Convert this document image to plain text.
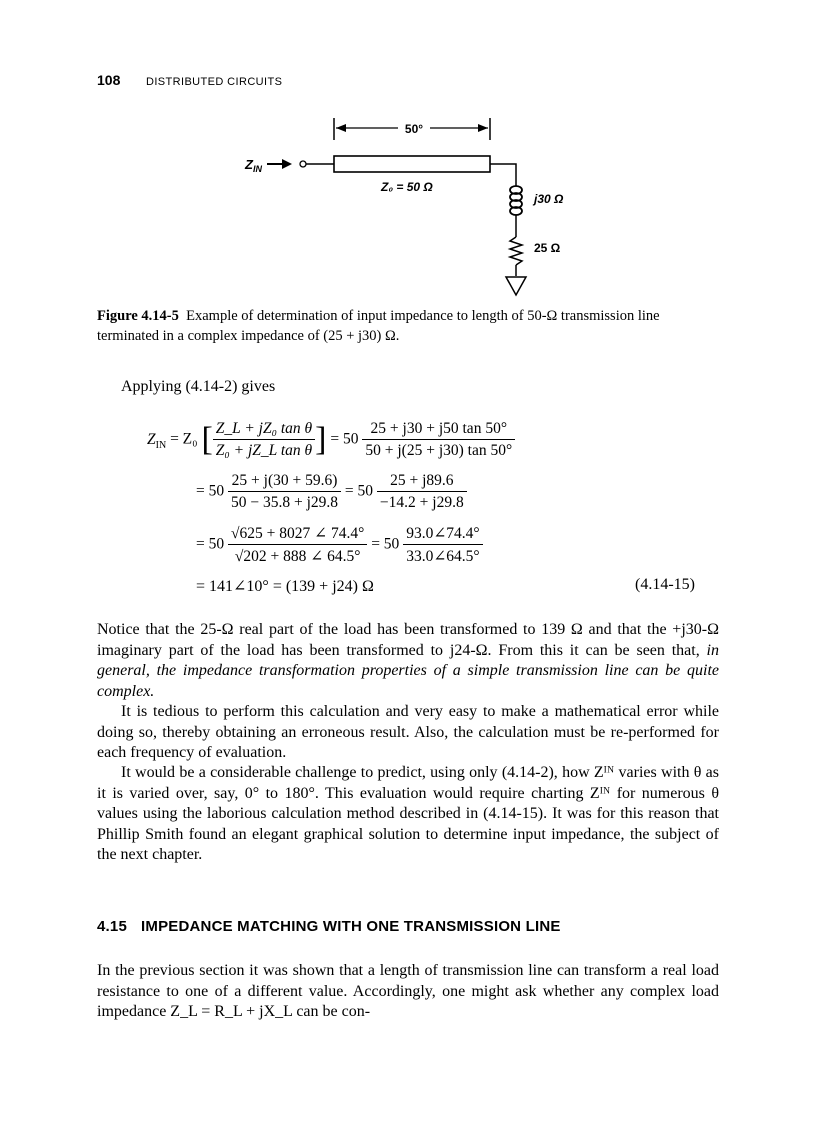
108 DISTRIBUTED CIRCUITS
50°
$Z_{IN}$
Z₀ = 50 Ω
j30 Ω
25 Ω
Figure 4.14-5 Example of determination of input impedance to length of 50-Ω transmission line terminated in a complex impedance of (25 + j30) Ω.
Applying (4.14-2) gives
$Z_{IN} = Z_0$ [ $\frac{\text{Z\_L + jZ₀ tan θ}}{\text{Z₀ + jZ\_L tan θ}}$ ] = $50 \frac{25 + j30 + j50 \tan 50^\circ}{50 + j(25 + j30) \tan 50^\circ}$
= $50 \frac{25 + j(30 + 59.6)}{50 - 35.8 + j29.8} = 50 \frac{25 + j89.6}{-14.2 + j29.8}$
= $50 \frac{√625 + 8027 \angle 74.4^\circ}{√202 + 888 \angle 64.5^\circ} = 50 \frac{93.0\angle 74.4^\circ}{33.0\angle 64.5^\circ}$
= 141∠10° = (139 + j24) Ω	(4.14-15)

Notice that the 25-Ω real part of the load has been transformed to 139 Ω and that the +j30-Ω imaginary part of the load has been transformed to j24-Ω. From this it can be seen that, in general, the impedance transformation properties of a simple transmission line can be quite complex.

It is tedious to perform this calculation and very easy to make a mathematical error while doing so, thereby obtaining an erroneous result. Also, the calculation must be re-performed for each frequency of evaluation.

It would be a considerable challenge to predict, using only (4.14-2), how Zᴵᴺ varies with θ as it is varied over, say, 0° to 180°. This evaluation would require charting Zᴵᴺ for numerous θ values using the laborious calculation method described in (4.14-15). It was for this reason that Phillip Smith found an elegant graphical solution to determine input impedance, the subject of the next chapter.

4.15 IMPEDANCE MATCHING WITH ONE TRANSMISSION LINE

In the previous section it was shown that a length of transmission line can transform a real load resistance to one of a different value. Accordingly, one might ask whether any complex load impedance Z_L = R_L + jX_L can be con-
